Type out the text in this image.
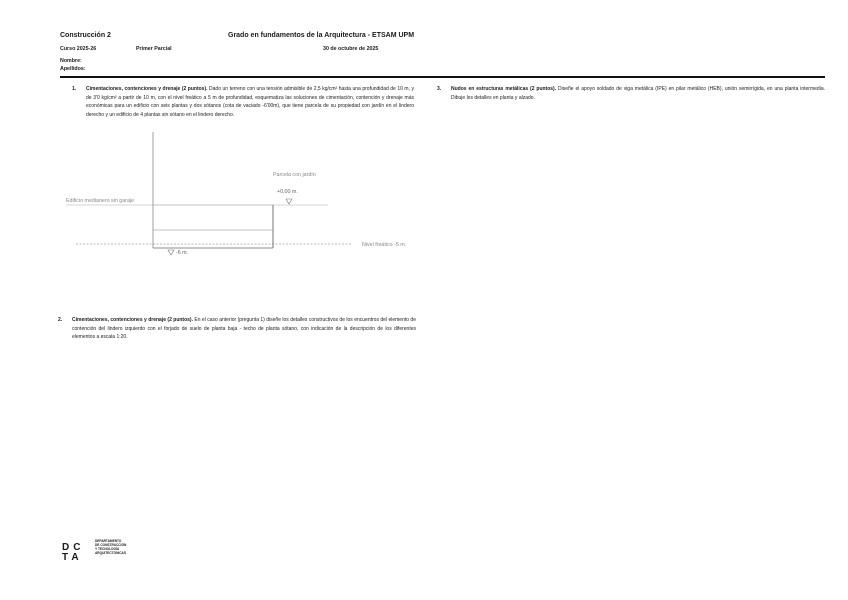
Construcción 2	Grado en fundamentos de la Arquitectura - ETSAM UPM
Curso 2025-26	Primer Parcial	30 de octubre de 2025
Nombre:
Apellidos:
1. Cimentaciones, contenciones y drenaje (2 puntos). Dado un terreno con una tensión admisible de 2,5 kg/cm² hasta una profundidad de 10 m, y de 3'0 kg/cm² a partir de 10 m, con el nivel freático a 5 m de profundidad, esquematiza las soluciones de cimentación, contención y drenaje más económicas para un edificio con seis plantas y dos sótanos (cota de vaciado -6'00m), que tiene parcela de su propiedad con jardín en el lindero derecho y un edificio de 4 plantas sin sótano en el lindero derecho.
Edificio medianero sin garaje
Parcela con jardín
+0,00 m.
-6 m.
Nivel freático -5 m.
2. Cimentaciones, contenciones y drenaje (2 puntos). En el caso anterior (pregunta 1) diseñe los detalles constructivos de los encuentros del elemento de contención del lindero izquierdo con el forjado de suelo de planta baja - techo de planta sótano, con indicación de la descripción de los diferentes elementos a escala 1:20.
3. Nudos en estructuras metálicas (2 puntos). Diseñe el apoyo soldado de viga metálica (IPE) en pilar metálico (HEB), unión semirrígida, en una planta intermedia. Dibuje los detalles en planta y alzado.
DC
TA
DEPARTAMENTO
DE CONSTRUCCIÓN
Y TECNOLOGÍA
ARQUITECTÓNICAS
